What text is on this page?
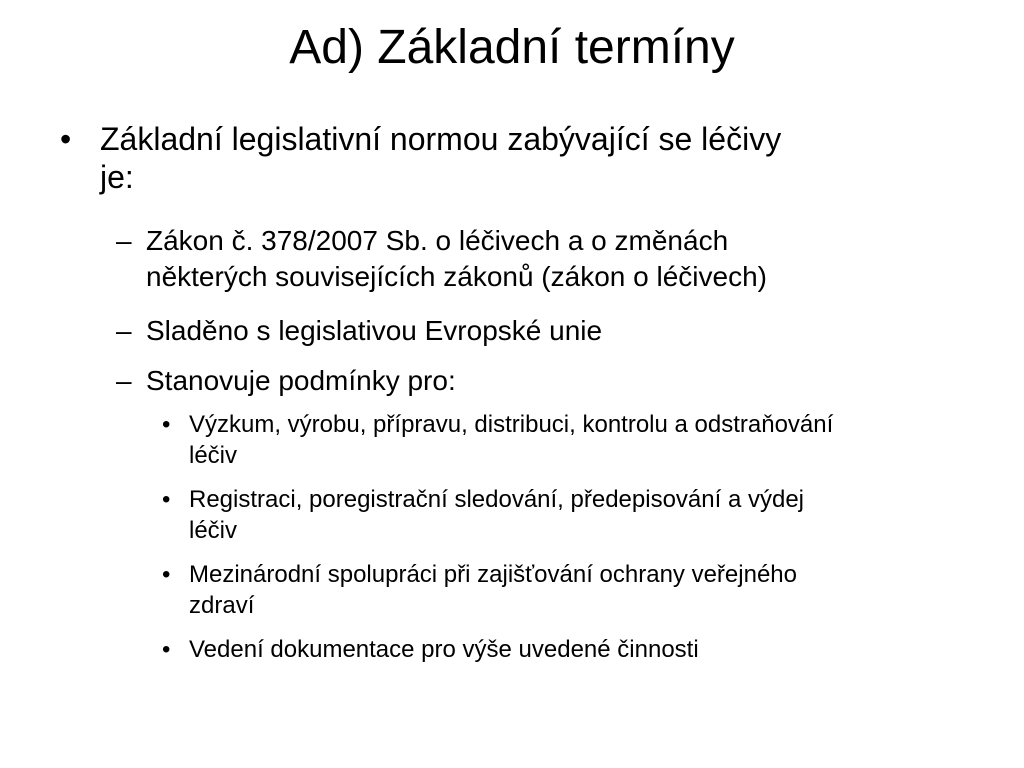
Ad) Základní termíny
• Základní legislativní normou zabývající se léčivy
je:
– Zákon č. 378/2007 Sb. o léčivech a o změnách
některých souvisejících zákonů (zákon o léčivech)
– Sladěno s legislativou Evropské unie
– Stanovuje podmínky pro:
• Výzkum, výrobu, přípravu, distribuci, kontrolu a odstraňování
léčiv
• Registraci, poregistrační sledování, předepisování a výdej
léčiv
• Mezinárodní spolupráci při zajišťování ochrany veřejného
zdraví
• Vedení dokumentace pro výše uvedené činnosti
